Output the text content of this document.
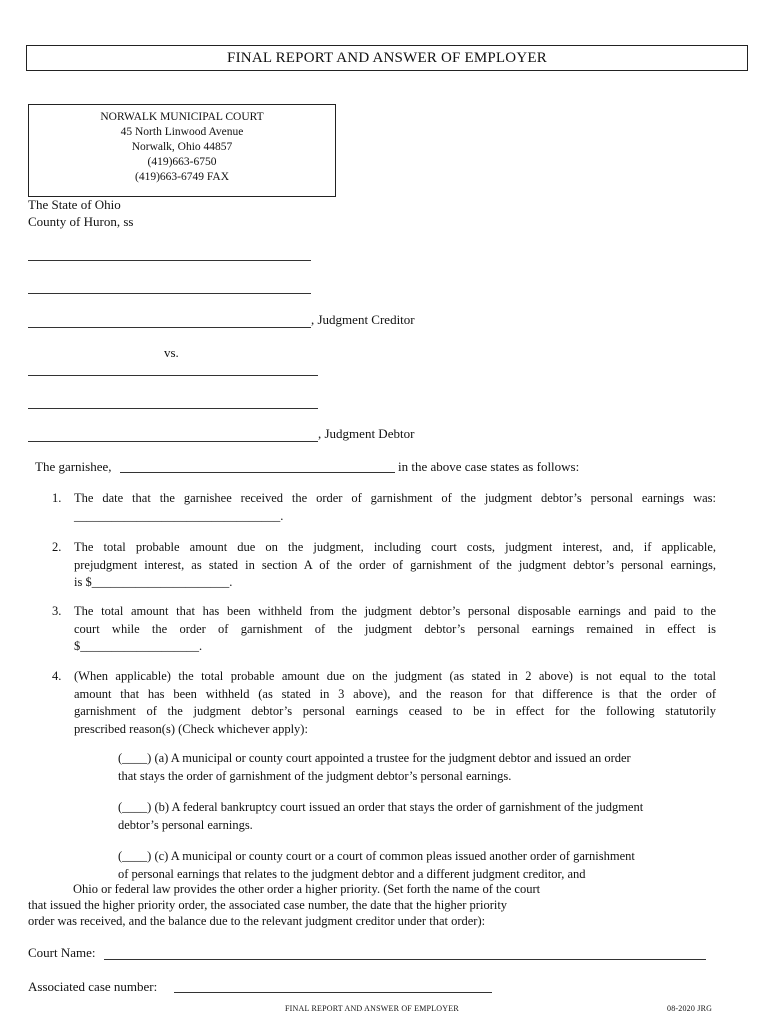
FINAL REPORT AND ANSWER OF EMPLOYER
NORWALK MUNICIPAL COURT
45 North Linwood Avenue
Norwalk, Ohio 44857
(419)663-6750
(419)663-6749 FAX
The State of Ohio
County of Huron, ss
, Judgment Creditor
vs.
, Judgment Debtor
The garnishee,	in the above case states as follows:
1. The date that the garnishee received the order of garnishment of the judgment debtor’s personal earnings was:
_________________________________.
2. The total probable amount due on the judgment, including court costs, judgment interest, and, if applicable,
prejudgment interest, as stated in section A of the order of garnishment of the judgment debtor’s personal earnings,
is $______________________.
3. The total amount that has been withheld from the judgment debtor’s personal disposable earnings and paid to the
court while the order of garnishment of the judgment debtor’s personal earnings remained in effect is
$___________________.
4. (When applicable) the total probable amount due on the judgment (as stated in 2 above) is not equal to the total
amount that has been withheld (as stated in 3 above), and the reason for that difference is that the order of
garnishment of the judgment debtor’s personal earnings ceased to be in effect for the following statutorily
prescribed reason(s) (Check whichever apply):
(____) (a) A municipal or county court appointed a trustee for the judgment debtor and issued an order
that stays the order of garnishment of the judgment debtor’s personal earnings.
(____) (b) A federal bankruptcy court issued an order that stays the order of garnishment of the judgment
debtor’s personal earnings.
(____) (c) A municipal or county court or a court of common pleas issued another order of garnishment
of personal earnings that relates to the judgment debtor and a different judgment creditor, and
Ohio or federal law provides the other order a higher priority. (Set forth the name of the court
that issued the higher priority order, the associated case number, the date that the higher priority
order was received, and the balance due to the relevant judgment creditor under that order):
Court Name:
Associated case number:
FINAL REPORT AND ANSWER OF EMPLOYER	08-2020 JRG
